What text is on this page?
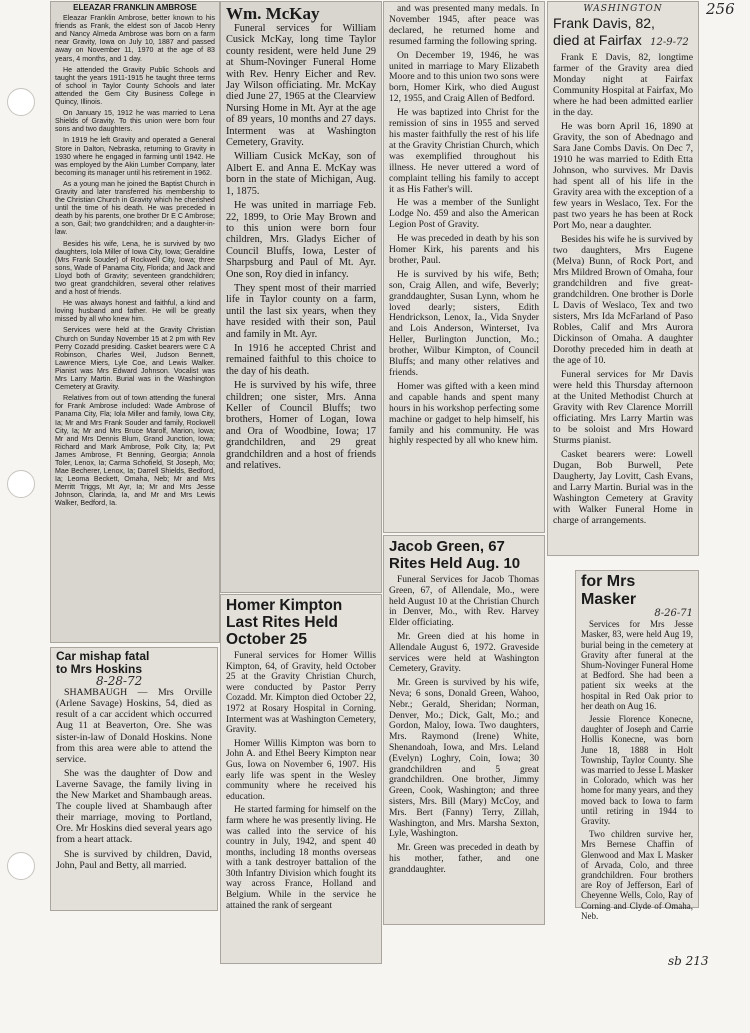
256

ELEAZAR FRANKLIN AMBROSE

Eleazar Franklin Ambrose, better known to his friends as Frank, the eldest son of Jacob Henry and Nancy Almeda Ambrose was born on a farm near Gravity, Iowa on July 10, 1887 and passed away on November 11, 1970 at the age of 83 years, 4 months, and 1 day.

He attended the Gravity Public Schools and taught the years 1911-1915 he taught three terms of school in Taylor County Schools and later attended the Gem City Business College in Quincy, Illinois.

On January 15, 1912 he was married to Lena Shields of Gravity. To this union were born four sons and two daughters.

In 1919 he left Gravity and operated a General Store in Dalton, Nebraska, returning to Gravity in 1930 where he engaged in farming until 1942. He was employed by the Akin Lumber Company, later becoming its manager until his retirement in 1962.

As a young man he joined the Baptist Church in Gravity and later transferred his membership to the Christian Church in Gravity which he cherished until the time of his death. He was preceded in death by his parents, one brother Dr E C Ambrose; a son, Gail; two grandchildren; and a daughter-in-law.

Besides his wife, Lena, he is survived by two daughters, Iola Miller of Iowa City, Iowa; Geraldine (Mrs Frank Souder) of Rockwell City, Iowa; three sons, Wade of Panama City, Florida; and Jack and Lloyd both of Gravity; seventeen grandchildren; two great grandchildren, several other relatives and a host of friends.

He was always honest and faithful, a kind and loving husband and father. He will be greatly missed by all who knew him.

Services were held at the Gravity Christian Church on Sunday November 15 at 2 pm with Rev Perry Cozadd presiding. Casket bearers were C A Robinson, Charles Weil, Judson Bennett, Lawrence Miers, Lyle Coe, and Lewis Walker. Pianist was Mrs Edward Johnson. Vocalist was Mrs Larry Martin. Burial was in the Washington Cemetery at Gravity.

Relatives from out of town attending the funeral for Frank Ambrose included: Wade Ambrose of Panama City, Fla; Iola Miller and family, Iowa City, Ia; Mr and Mrs Frank Souder and family, Rockwell City, Ia; Mr and Mrs Bruce Marolf, Marion, Iowa; Mr and Mrs Dennis Blum, Grand Junction, Iowa; Richard and Mark Ambrose, Polk City, Ia; Pvt James Ambrose, Ft Benning, Georgia; Annola Toler, Lenox, Ia; Carma Schofield, St Joseph, Mo; Mae Becherer, Lenox, Ia; Darrell Shields, Bedford, Ia; Leoma Beckett, Omaha, Neb; Mr and Mrs Merritt Triggs, Mt Ayr, Ia; Mr and Mrs Jesse Johnson, Clarinda, Ia, and Mr and Mrs Lewis Walker, Bedford, Ia.

Car mishap fatal

to Mrs Hoskins

8-28-72

SHAMBAUGH — Mrs Orville (Arlene Savage) Hoskins, 54, died as result of a car accident which occurred Aug 11 at Beaverton, Ore. She was sister-in-law of Donald Hoskins. None from this area were able to attend the service.

She was the daughter of Dow and Laverne Savage, the family living in the New Market and Shambaugh areas. The couple lived at Shambaugh after their marriage, moving to Portland, Ore. Mr Hoskins died several years ago from a heart attack.

She is survived by children, David, John, Paul and Betty, all married.

Wm. McKay

Funeral services for William Cusick McKay, long time Taylor county resident, were held June 29 at Shum-Novinger Funeral Home with Rev. Henry Eicher and Rev. Jay Wilson officiating. Mr. McKay died June 27, 1965 at the Clearview Nursing Home in Mt. Ayr at the age of 89 years, 10 months and 27 days. Interment was at Washington Cemetery, Gravity.

William Cusick McKay, son of Albert E. and Anna E. McKay was born in the state of Michigan, Aug. 1, 1875.

He was united in marriage Feb. 22, 1899, to Orie May Brown and to this union were born four children, Mrs. Gladys Eicher of Council Bluffs, Iowa, Lester of Sharpsburg and Paul of Mt. Ayr. One son, Roy died in infancy.

They spent most of their married life in Taylor county on a farm, until the last six years, when they have resided with their son, Paul and family in Mt. Ayr.

In 1916 he accepted Christ and remained faithful to this choice to the day of his death.

He is survived by his wife, three children; one sister, Mrs. Anna Keller of Council Bluffs; two brothers, Homer of Logan, Iowa and Ora of Woodbine, Iowa; 17 grandchildren, and 29 great grandchildren and a host of friends and relatives.

Homer Kimpton Last Rites Held October 25

Funeral services for Homer Willis Kimpton, 64, of Gravity, held October 25 at the Gravity Christian Church, were conducted by Pastor Perry Cozadd. Mr. Kimpton died October 22, 1972 at Rosary Hospital in Corning. Interment was at Washington Cemetery, Gravity.

Homer Willis Kimpton was born to John A. and Ethel Beery Kimpton near Gus, Iowa on November 6, 1907. His early life was spent in the Wesley community where he received his education.

He started farming for himself on the farm where he was presently living. He was called into the service of his country in July, 1942, and spent 40 months, including 18 months overseas with a tank destroyer battalion of the 30th Infantry Division which fought its way across France, Holland and Belgium. While in the service he attained the rank of sergeant

and was presented many medals. In November 1945, after peace was declared, he returned home and resumed farming the following spring.

On December 19, 1946, he was united in marriage to Mary Elizabeth Moore and to this union two sons were born, Homer Kirk, who died August 12, 1955, and Craig Allen of Bedford.

He was baptized into Christ for the remission of sins in 1955 and served his master faithfully the rest of his life at the Gravity Christian Church, which was exemplified throughout his illness. He never uttered a word of complaint telling his family to accept it as His Father's will.

He was a member of the Sunlight Lodge No. 459 and also the American Legion Post of Gravity.

He was preceded in death by his son Homer Kirk, his parents and his brother, Paul.

He is survived by his wife, Beth; son, Craig Allen, and wife, Beverly; granddaughter, Susan Lynn, whom he loved dearly; sisters, Edith Hendrickson, Lenox, Ia., Vida Snyder and Lois Anderson, Winterset, Iva Heller, Burlington Junction, Mo.; brother, Wilbur Kimpton, of Council Bluffs; and many other relatives and friends.

Homer was gifted with a keen mind and capable hands and spent many hours in his workshop perfecting some machine or gadget to help himself, his family and his community. He was highly respected by all who knew him.

Jacob Green, 67 Rites Held Aug. 10

Funeral Services for Jacob Thomas Green, 67, of Allendale, Mo., were held August 10 at the Christian Church in Denver, Mo., with Rev. Harvey Elder officiating.

Mr. Green died at his home in Allendale August 6, 1972. Graveside services were held at Washington Cemetery, Gravity.

Mr. Green is survived by his wife, Neva; 6 sons, Donald Green, Wahoo, Nebr.; Gerald, Sheridan; Norman, Denver, Mo.; Dick, Galt, Mo.; and Gordon, Maloy, Iowa. Two daughters, Mrs. Raymond (Irene) White, Shenandoah, Iowa, and Mrs. Leland (Evelyn) Loghry, Coin, Iowa; 30 grandchildren and 5 great grandchildren. One brother, Jimmy Green, Cook, Washington; and three sisters, Mrs. Bill (Mary) McCoy, and Mrs. Bert (Fanny) Terry, Zillah, Washington, and Mrs. Marsha Sexton, Lyle, Washington.

Mr. Green was preceded in death by his mother, father, and one granddaughter.

WASHINGTON

Frank Davis, 82,

died at Fairfax 12-9-72

Frank E Davis, 82, longtime farmer of the Gravity area died Monday night at Fairfax Community Hospital at Fairfax, Mo where he had been admitted earlier in the day.

He was born April 16, 1890 at Gravity, the son of Abednago and Sara Jane Combs Davis. On Dec 7, 1910 he was married to Edith Etta Johnson, who survives. Mr Davis had spent all of his life in the Gravity area with the exception of a few years in Weslaco, Tex. For the past two years he has been at Rock Port Mo, near a daughter.

Besides his wife he is survived by two daughters, Mrs Eugene (Melva) Bunn, of Rock Port, and Mrs Mildred Brown of Omaha, four grandchildren and five great-grandchildren. One brother is Dorle L Davis of Weslaco, Tex and two sisters, Mrs Ida McFarland of Paso Robles, Calif and Mrs Aurora Dickinson of Omaha. A daughter Dorothy preceded him in death at the age of 10.

Funeral services for Mr Davis were held this Thursday afternoon at the United Methodist Church at Gravity with Rev Clarence Morrill officiating. Mrs Larry Martin was to be soloist and Mrs Howard Sturms pianist.

Casket bearers were: Lowell Dugan, Bob Burwell, Pete Daugherty, Jay Lovitt, Cash Evans, and Larry Martin. Burial was in the Washington Cemetery at Gravity with Walker Funeral Home in charge of arrangements.

for Mrs Masker

8-26-71

Services for Mrs Jesse Masker, 83, were held Aug 19, burial being in the cemetery at Gravity after funeral at the Shum-Novinger Funeral Home at Bedford. She had been a patient six weeks at the hospital in Red Oak prior to her death on Aug 16.

Jessie Florence Konecne, daughter of Joseph and Carrie Hollis Konecne, was born June 18, 1888 in Holt Township, Taylor County. She was married to Jesse L Masker in Colorado, which was her home for many years, and they moved back to Iowa to farm until retiring in 1944 to Gravity.

Two children survive her, Mrs Bernese Chaffin of Glenwood and Max L Masker of Arvada, Colo, and three grandchildren. Four brothers are Roy of Jefferson, Earl of Cheyenne Wells, Colo, Ray of Corning and Clyde of Omaha, Neb.

sb 213
